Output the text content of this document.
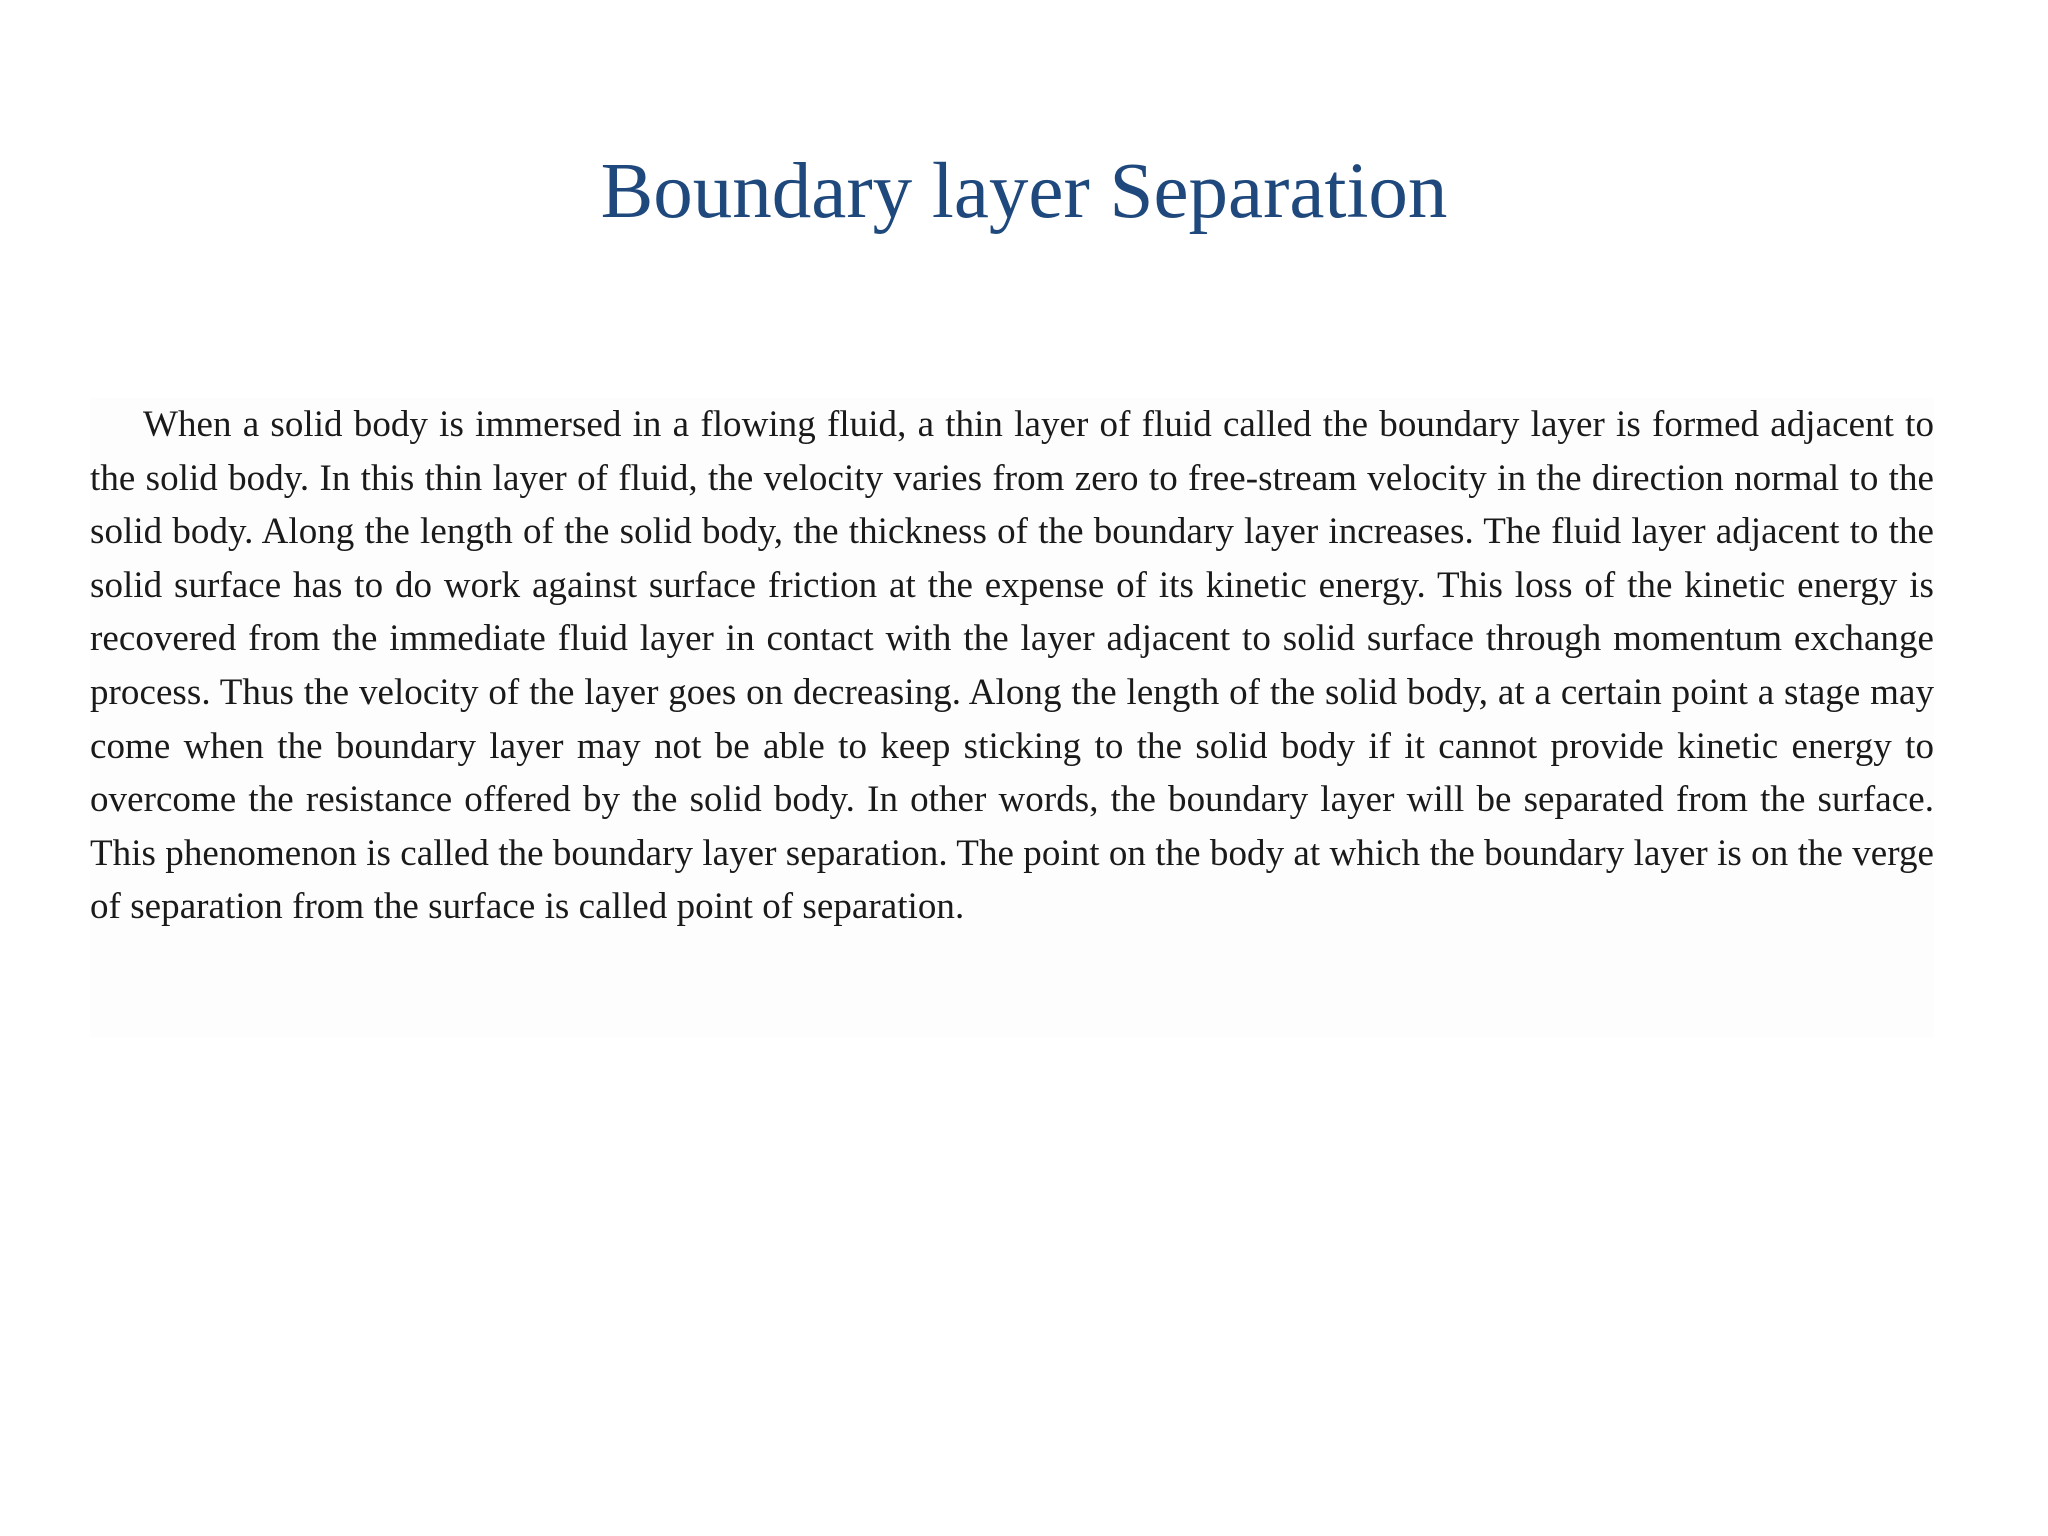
Boundary layer Separation

When a solid body is immersed in a flowing fluid, a thin layer of fluid called the boundary layer is formed adjacent to the solid body. In this thin layer of fluid, the velocity varies from zero to free-stream velocity in the direction normal to the solid body. Along the length of the solid body, the thickness of the boundary layer increases. The fluid layer adjacent to the solid surface has to do work against surface friction at the expense of its kinetic energy. This loss of the kinetic energy is recovered from the immediate fluid layer in contact with the layer adjacent to solid surface through momentum exchange process. Thus the velocity of the layer goes on decreasing. Along the length of the solid body, at a certain point a stage may come when the boundary layer may not be able to keep sticking to the solid body if it cannot provide kinetic energy to overcome the resistance offered by the solid body. In other words, the boundary layer will be separated from the surface. This phenomenon is called the boundary layer separation. The point on the body at which the boundary layer is on the verge of separation from the surface is called point of separation.
